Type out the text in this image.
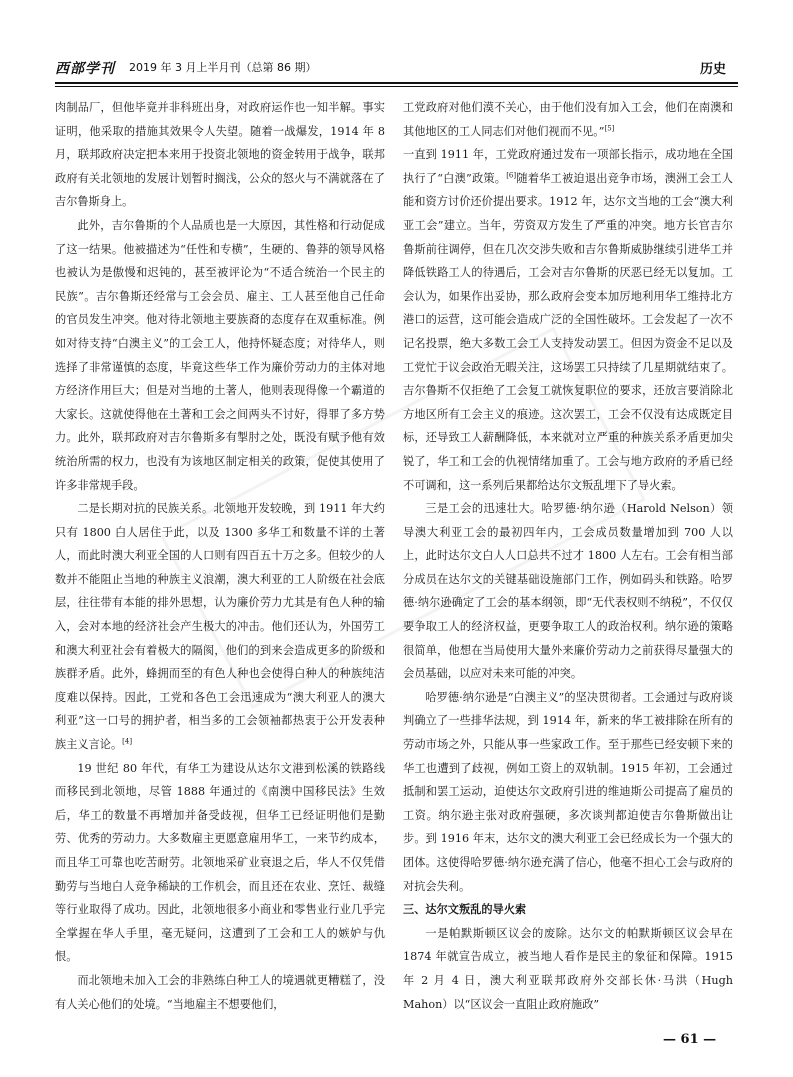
西部学刊 2019 年 3 月上半月刊（总第 86 期）	历史

肉制品厂，但他毕竟并非科班出身，对政府运作也一知半解。事实证明，他采取的措施其效果令人失望。随着一战爆发，1914 年 8 月，联邦政府决定把本来用于投资北领地的资金转用于战争，联邦政府有关北领地的发展计划暂时搁浅，公众的怒火与不满就落在了吉尔鲁斯身上。

此外，吉尔鲁斯的个人品质也是一大原因，其性格和行动促成了这一结果。他被描述为“任性和专横”，生硬的、鲁莽的领导风格也被认为是傲慢和迟钝的，甚至被评论为“不适合统治一个民主的民族”。吉尔鲁斯还经常与工会会员、雇主、工人甚至他自己任命的官员发生冲突。他对待北领地主要族裔的态度存在双重标准。例如对待支持“白澳主义”的工会工人，他持怀疑态度；对待华人，则选择了非常谨慎的态度，毕竟这些华工作为廉价劳动力的主体对地方经济作用巨大；但是对当地的土著人，他则表现得像一个霸道的大家长。这就使得他在土著和工会之间两头不讨好，得罪了多方势力。此外，联邦政府对吉尔鲁斯多有掣肘之处，既没有赋予他有效统治所需的权力，也没有为该地区制定相关的政策，促使其使用了许多非常规手段。

二是长期对抗的民族关系。北领地开发较晚，到 1911 年大约只有 1800 白人居住于此，以及 1300 多华工和数量不详的土著人，而此时澳大利亚全国的人口则有四百五十万之多。但较少的人数并不能阻止当地的种族主义浪潮，澳大利亚的工人阶级在社会底层，往往带有本能的排外思想，认为廉价劳力尤其是有色人种的输入，会对本地的经济社会产生极大的冲击。他们还认为，外国劳工和澳大利亚社会有着极大的隔阂，他们的到来会造成更多的阶级和族群矛盾。此外，蜂拥而至的有色人种也会使得白种人的种族纯洁度难以保持。因此，工党和各色工会迅速成为“澳大利亚人的澳大利亚”这一口号的拥护者，相当多的工会领袖都热衷于公开发表种族主义言论。[4]

19 世纪 80 年代，有华工为建设从达尔文港到松溪的铁路线而移民到北领地，尽管 1888 年通过的《南澳中国移民法》生效后，华工的数量不再增加并备受歧视，但华工已经证明他们是勤劳、优秀的劳动力。大多数雇主更愿意雇用华工，一来节约成本，而且华工可靠也吃苦耐劳。北领地采矿业衰退之后，华人不仅凭借勤劳与当地白人竞争稀缺的工作机会，而且还在农业、烹饪、裁缝等行业取得了成功。因此，北领地很多小商业和零售业行业几乎完全掌握在华人手里，毫无疑问，这遭到了工会和工人的嫉妒与仇恨。

而北领地未加入工会的非熟练白种工人的境遇就更糟糕了，没有人关心他们的处境。“当地雇主不想要他们，

工党政府对他们漠不关心，由于他们没有加入工会，他们在南澳和其他地区的工人同志们对他们视而不见。”[5]

一直到 1911 年，工党政府通过发布一项部长指示，成功地在全国执行了“白澳”政策。[6]随着华工被迫退出竞争市场，澳洲工会工人能和资方讨价还价提出要求。1912 年，达尔文当地的工会“澳大利亚工会”建立。当年，劳资双方发生了严重的冲突。地方长官吉尔鲁斯前往调停，但在几次交涉失败和吉尔鲁斯威胁继续引进华工并降低铁路工人的待遇后，工会对吉尔鲁斯的厌恶已经无以复加。工会认为，如果作出妥协，那么政府会变本加厉地利用华工维持北方港口的运营，这可能会造成广泛的全国性破坏。工会发起了一次不记名投票，绝大多数工会工人支持发动罢工。但因为资金不足以及工党忙于议会政治无暇关注，这场罢工只持续了几星期就结束了。吉尔鲁斯不仅拒绝了工会复工就恢复职位的要求，还放言要消除北方地区所有工会主义的痕迹。这次罢工，工会不仅没有达成既定目标，还导致工人薪酬降低，本来就对立严重的种族关系矛盾更加尖锐了，华工和工会的仇视情绪加重了。工会与地方政府的矛盾已经不可调和，这一系列后果都给达尔文叛乱埋下了导火索。

三是工会的迅速壮大。哈罗德·纳尔逊（Harold Nelson）领导澳大利亚工会的最初四年内，工会成员数量增加到 700 人以上，此时达尔文白人人口总共不过才 1800 人左右。工会有相当部分成员在达尔文的关键基础设施部门工作，例如码头和铁路。哈罗德·纳尔逊确定了工会的基本纲领，即“无代表权则不纳税”，不仅仅要争取工人的经济权益，更要争取工人的政治权利。纳尔逊的策略很简单，他想在当局使用大量外来廉价劳动力之前获得尽量强大的会员基础，以应对未来可能的冲突。

哈罗德·纳尔逊是“白澳主义”的坚决贯彻者。工会通过与政府谈判确立了一些排华法规，到 1914 年，新来的华工被排除在所有的劳动市场之外，只能从事一些家政工作。至于那些已经安顿下来的华工也遭到了歧视，例如工资上的双轨制。1915 年初，工会通过抵制和罢工运动，迫使达尔文政府引进的维迪斯公司提高了雇员的工资。纳尔逊主张对政府强硬，多次谈判都迫使吉尔鲁斯做出让步。到 1916 年末，达尔文的澳大利亚工会已经成长为一个强大的团体。这使得哈罗德·纳尔逊充满了信心，他毫不担心工会与政府的对抗会失利。

三、达尔文叛乱的导火索

一是帕默斯顿区议会的废除。达尔文的帕默斯顿区议会早在 1874 年就宣告成立，被当地人看作是民主的象征和保障。1915 年 2 月 4 日，澳大利亚联邦政府外交部长休·马洪（Hugh Mahon）以“区议会一直阻止政府施政”

— 61 —
